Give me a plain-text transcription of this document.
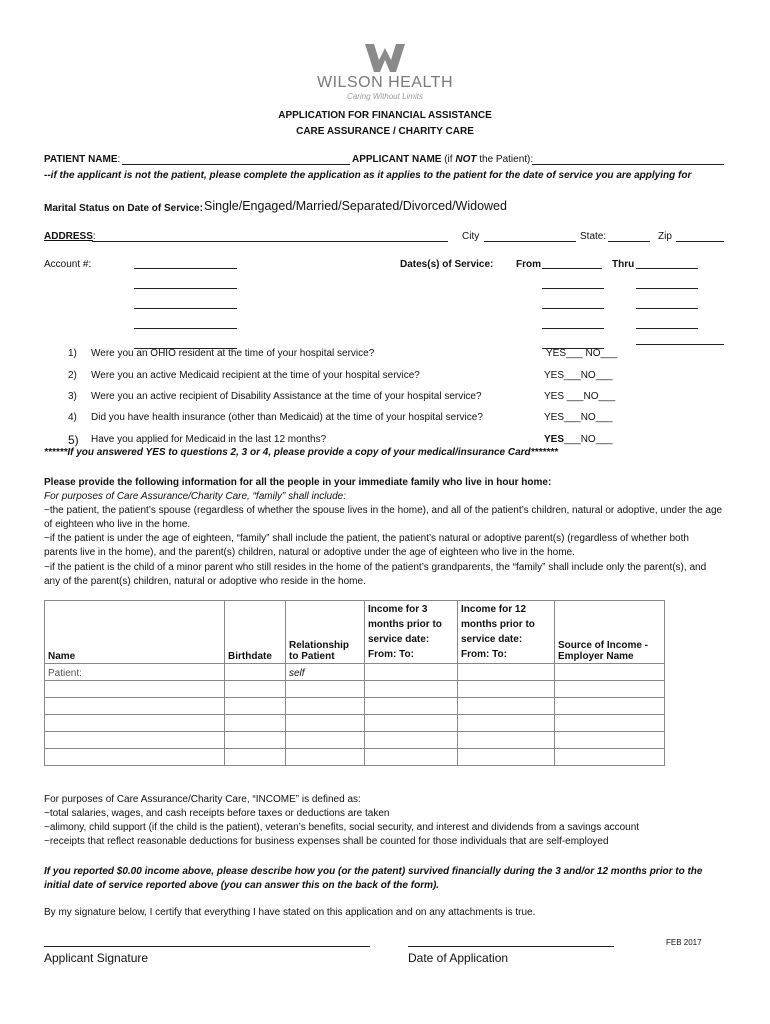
WILSON HEALTH
Caring Without Limits
APPLICATION FOR FINANCIAL ASSISTANCE
CARE ASSURANCE / CHARITY CARE
PATIENT NAME:	APPLICANT NAME (if NOT the Patient):
--if the applicant is not the patient, please complete the application as it applies to the patient for the date of service you are applying for
Marital Status on Date of Service: Single/Engaged/Married/Separated/Divorced/Widowed
ADDRESS:	City	State:	Zip
Account #:	Dates(s) of Service: From	Thru
1) Were you an OHIO resident at the time of your hospital service?	YES___ NO___
2) Were you an active Medicaid recipient at the time of your hospital service?	YES___NO___
3) Were you an active recipient of Disability Assistance at the time of your hospital service?	YES ___NO___
4) Did you have health insurance (other than Medicaid) at the time of your hospital service?	YES___NO___
5) Have you applied for Medicaid in the last 12 months?	YES___NO___
******If you answered YES to questions 2, 3 or 4, please provide a copy of your medical/insurance Card*******
Please provide the following information for all the people in your immediate family who live in hour home:
For purposes of Care Assurance/Charity Care, “family” shall include:
~the patient, the patient’s spouse (regardless of whether the spouse lives in the home), and all of the patient’s children, natural or adoptive, under the age of eighteen who live in the home.
~if the patient is under the age of eighteen, “family” shall include the patient, the patient’s natural or adoptive parent(s) (regardless of whether both parents live in the home), and the parent(s) children, natural or adoptive under the age of eighteen who live in the home.
~if the patient is the child of a minor parent who still resides in the home of the patient’s grandparents, the “family” shall include only the parent(s), and any of the parent(s) children, natural or adoptive who reside in the home.
Name	Birthdate	Relationship to Patient	Income for 3 months prior to service date: From: To:	Income for 12 months prior to service date: From: To:	Source of Income - Employer Name
Patient:		self			

For purposes of Care Assurance/Charity Care, “INCOME” is defined as:
~total salaries, wages, and cash receipts before taxes or deductions are taken
~alimony, child support (if the child is the patient), veteran’s benefits, social security, and interest and dividends from a savings account
~receipts that reflect reasonable deductions for business expenses shall be counted for those individuals that are self-employed
If you reported $0.00 income above, please describe how you (or the patent) survived financially during the 3 and/or 12 months prior to the initial date of service reported above (you can answer this on the back of the form).
By my signature below, I certify that everything I have stated on this application and on any attachments is true.
FEB 2017
Applicant Signature	Date of Application
